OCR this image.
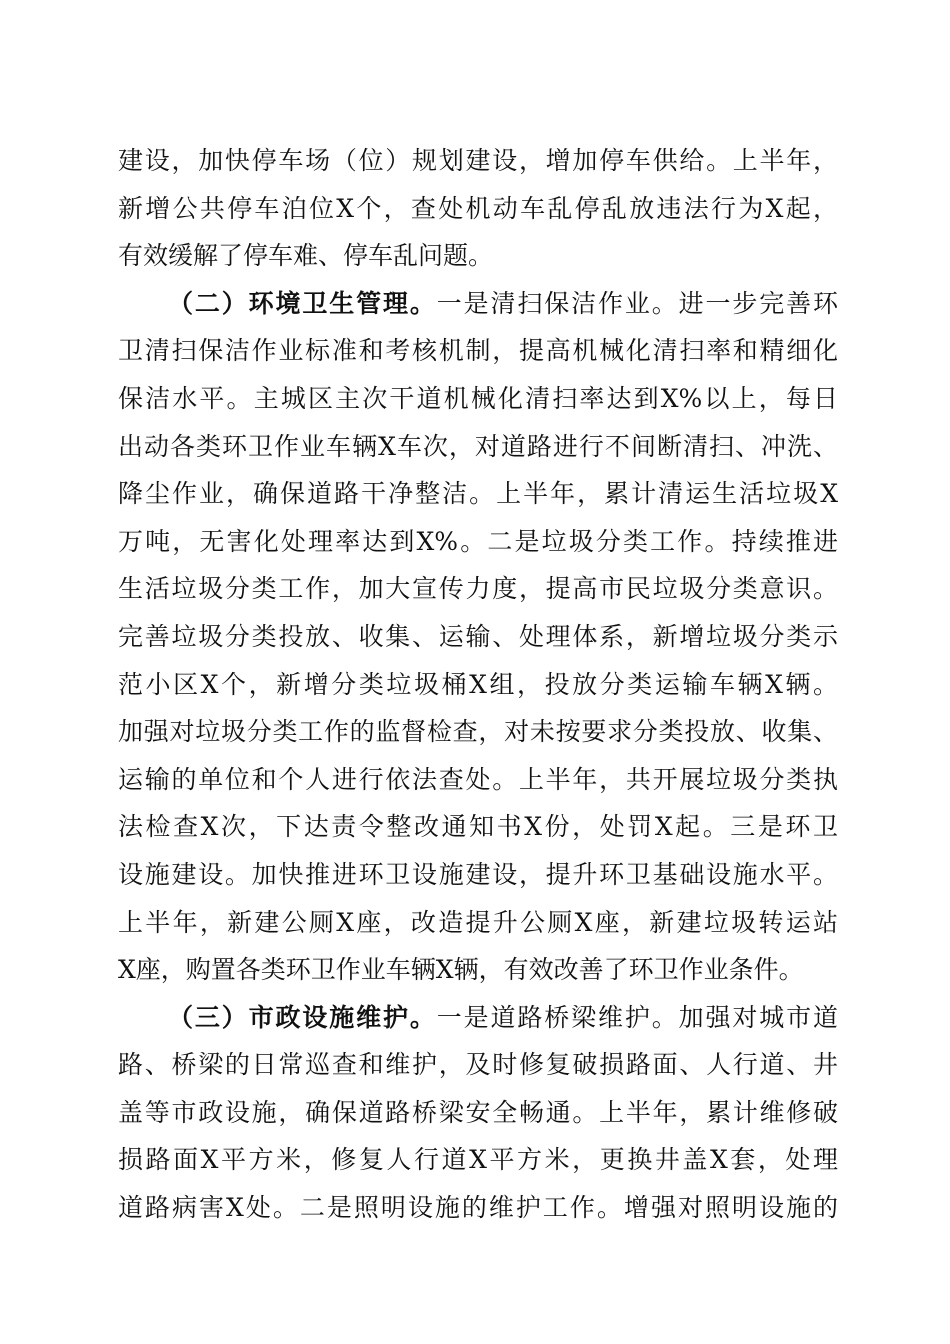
建设，加快停车场（位）规划建设，增加停车供给。上半年，
新增公共停车泊位X个，查处机动车乱停乱放违法行为X起，
有效缓解了停车难、停车乱问题。
（二）环境卫生管理。一是清扫保洁作业。进一步完善环
卫清扫保洁作业标准和考核机制，提高机械化清扫率和精细化
保洁水平。主城区主次干道机械化清扫率达到X%以上，每日
出动各类环卫作业车辆X车次，对道路进行不间断清扫、冲洗、
降尘作业，确保道路干净整洁。上半年，累计清运生活垃圾X
万吨，无害化处理率达到X%。二是垃圾分类工作。持续推进
生活垃圾分类工作，加大宣传力度，提高市民垃圾分类意识。
完善垃圾分类投放、收集、运输、处理体系，新增垃圾分类示
范小区X个，新增分类垃圾桶X组，投放分类运输车辆X辆。
加强对垃圾分类工作的监督检查，对未按要求分类投放、收集、
运输的单位和个人进行依法查处。上半年，共开展垃圾分类执
法检查X次，下达责令整改通知书X份，处罚X起。三是环卫
设施建设。加快推进环卫设施建设，提升环卫基础设施水平。
上半年，新建公厕X座，改造提升公厕X座，新建垃圾转运站
X座，购置各类环卫作业车辆X辆，有效改善了环卫作业条件。
（三）市政设施维护。一是道路桥梁维护。加强对城市道
路、桥梁的日常巡查和维护，及时修复破损路面、人行道、井
盖等市政设施，确保道路桥梁安全畅通。上半年，累计维修破
损路面X平方米，修复人行道X平方米，更换井盖X套，处理
道路病害X处。二是照明设施的维护工作。增强对照明设施的
